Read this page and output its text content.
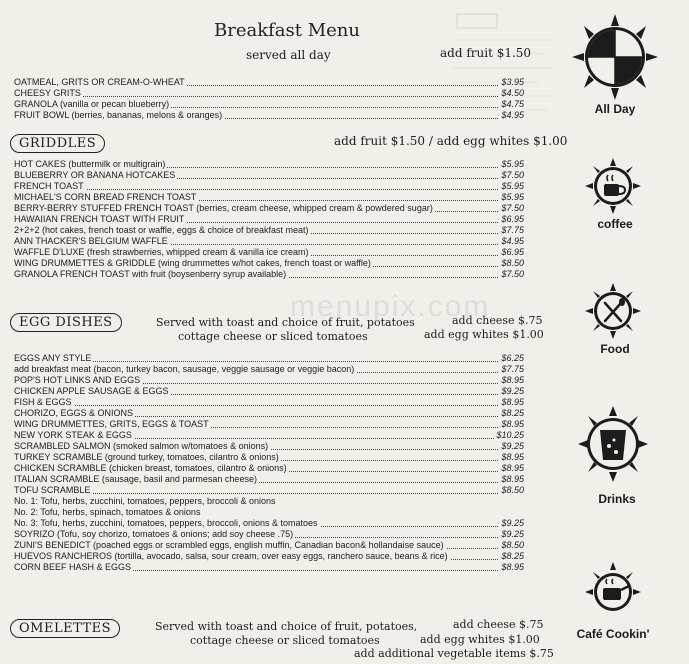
Breakfast Menu
served all day	add fruit $1.50
OATMEAL, GRITS OR CREAM-O-WHEAT	$3.95
CHEESY GRITS	$4.50
GRANOLA (vanilla or pecan blueberry)	$4.75
FRUIT BOWL (berries, bananas, melons & oranges)	$4.95
GRIDDLES	add fruit $1.50 / add egg whites $1.00
HOT CAKES (buttermilk or multigrain)	$5.95
BLUEBERRY OR BANANA HOTCAKES	$7.50
FRENCH TOAST	$5.95
MICHAEL'S CORN BREAD FRENCH TOAST	$5.95
BERRY-BERRY STUFFED FRENCH TOAST (berries, cream cheese, whipped cream & powdered sugar)	$7.50
HAWAIIAN FRENCH TOAST WITH FRUIT	$6.95
2+2+2 (hot cakes, french toast or waffle, eggs & choice of breakfast meat)	$7.75
ANN THACKER'S BELGIUM WAFFLE	$4.95
WAFFLE D'LUXE (fresh strawberries, whipped cream & vanilla ice cream)	$6.95
WING DRUMMETTES & GRIDDLE (wing drummettes w/hot cakes, french toast or waffle)	$8.50
GRANOLA FRENCH TOAST with fruit (boysenberry syrup available)	$7.50
EGG DISHES	Served with toast and choice of fruit, potatoes
cottage cheese or sliced tomatoes
add cheese $.75
add egg whites $1.00
EGGS ANY STYLE	$6.25
add breakfast meat (bacon, turkey bacon, sausage, veggie sausage or veggie bacon)	$7.75
POP'S HOT LINKS AND EGGS	$8.95
CHICKEN APPLE SAUSAGE & EGGS	$9.25
FISH & EGGS	$8.95
CHORIZO, EGGS & ONIONS	$8.25
WING DRUMMETTES, GRITS, EGGS & TOAST	$8.95
NEW YORK STEAK & EGGS	$10.25
SCRAMBLED SALMON (smoked salmon w/tomatoes & onions)	$9.25
TURKEY SCRAMBLE (ground turkey, tomatoes, cilantro & onions)	$8.95
CHICKEN SCRAMBLE (chicken breast, tomatoes, cilantro & onions)	$8.95
ITALIAN SCRAMBLE (sausage, basil and parmesan cheese)	$8.95
TOFU SCRAMBLE	$8.50
No. 1: Tofu, herbs, zucchini, tomatoes, peppers, broccoli & onions
No. 2: Tofu, herbs, spinach, tomatoes & onions
No. 3: Tofu, herbs, zucchini, tomatoes, peppers, broccoli, onions & tomatoes	$9.25
SOYRIZO (Tofu, soy chorizo, tomatoes & onions; add soy cheese .75)	$9.25
ZUNI'S BENEDICT (poached eggs or scrambled eggs, english muffin, Canadian bacon& hollandaise sauce)	$8.50
HUEVOS RANCHEROS (tortilla, avocado, salsa, sour cream, over easy eggs, ranchero sauce, beans & rice)	$8.25
CORN BEEF HASH & EGGS	$8.95
OMELETTES	Served with toast and choice of fruit, potatoes,
cottage cheese or sliced tomatoes
add cheese $.75
add egg whites $1.00
add additional vegetable items $.75
menupix.com
All Day
coffee
Food
Drinks
Café Cookin'
